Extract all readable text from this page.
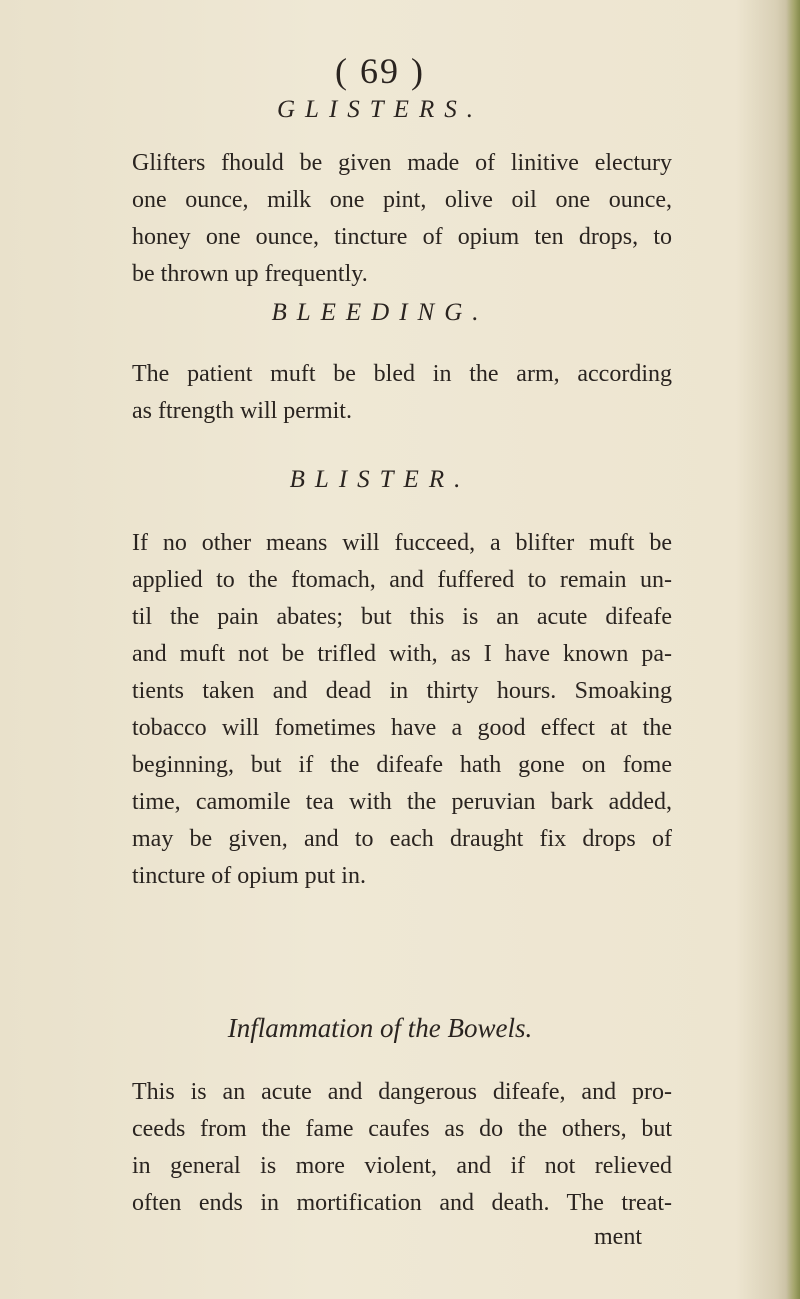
( 69 )
GLISTERS.
Glifters fhould be given made of linitive electury
one ounce, milk one pint, olive oil one ounce,
honey one ounce, tincture of opium ten drops, to
be thrown up frequently.
BLEEDING.
The patient muft be bled in the arm, according
as ftrength will permit.
BLISTER.
If no other means will fucceed, a blifter muft be
applied to the ftomach, and fuffered to remain un-
til the pain abates; but this is an acute difeafe
and muft not be trifled with, as I have known pa-
tients taken and dead in thirty hours. Smoaking
tobacco will fometimes have a good effect at the
beginning, but if the difeafe hath gone on fome
time, camomile tea with the peruvian bark added,
may be given, and to each draught fix drops of
tincture of opium put in.
Inflammation of the Bowels.
This is an acute and dangerous difeafe, and pro-
ceeds from the fame caufes as do the others, but
in general is more violent, and if not relieved
often ends in mortification and death. The treat-
ment
